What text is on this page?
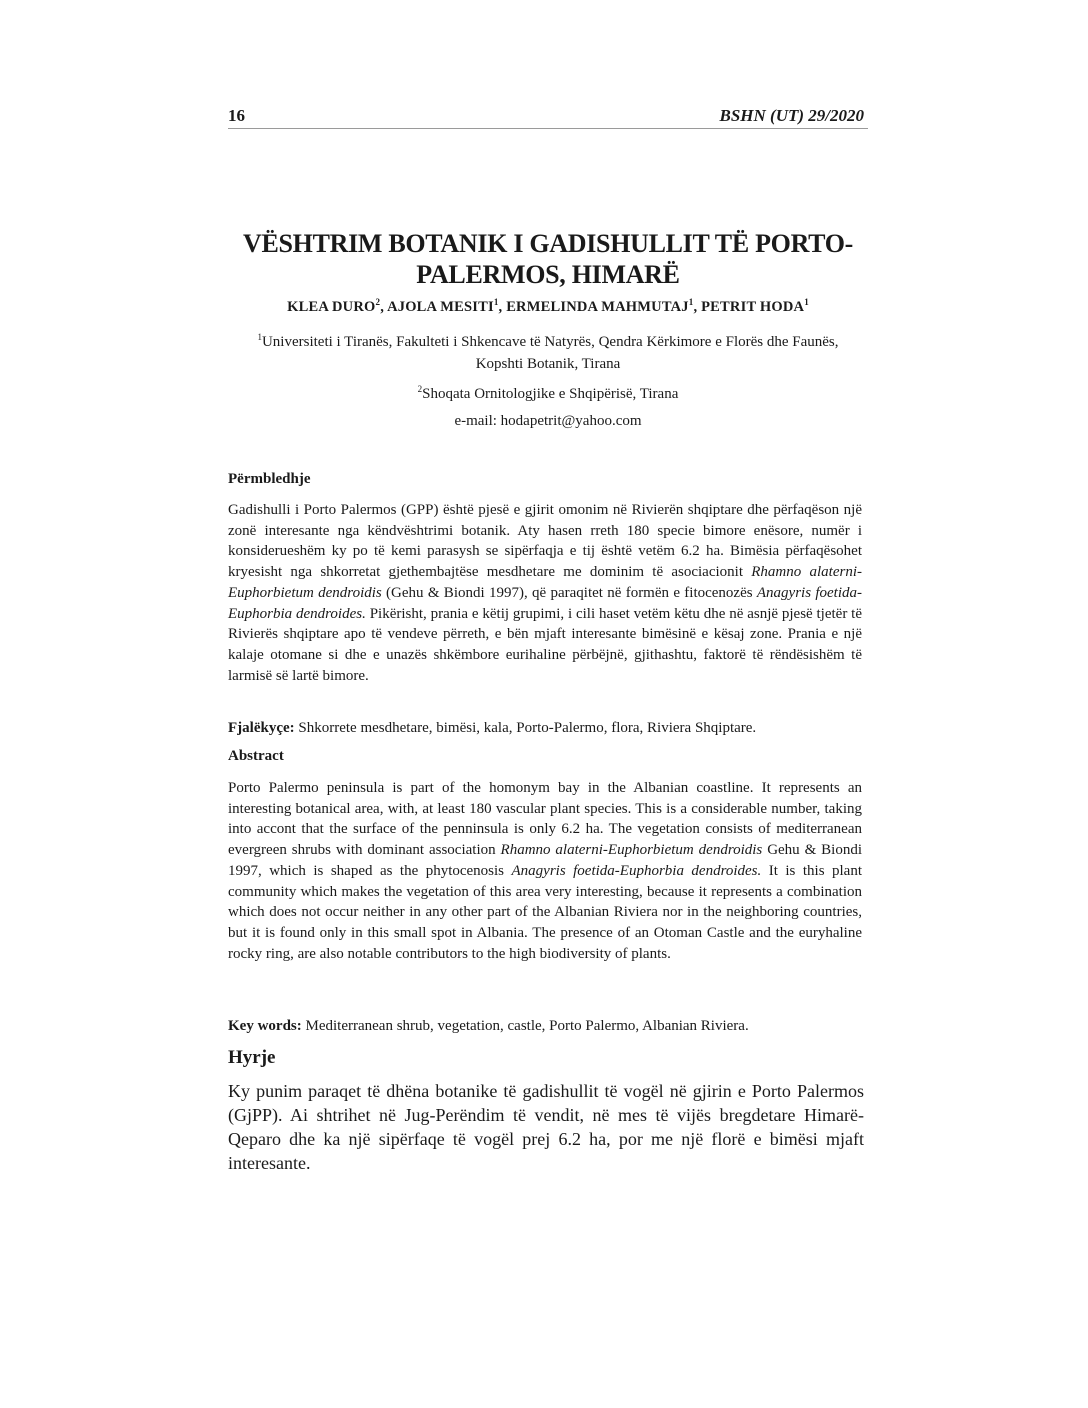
16	BSHN (UT) 29/2020
VËSHTRIM BOTANIK I GADISHULLIT TË PORTO-PALERMOS, HIMARË
KLEA DURO$^2$, AJOLA MESITI$^1$, ERMELINDA MAHMUTAJ$^1$, PETRIT HODA$^1$
$^1$Universiteti i Tiranës, Fakulteti i Shkencave të Natyrës, Qendra Kërkimore e Florës dhe Faunës, Kopshti Botanik, Tirana
$^2$Shoqata Ornitologjike e Shqipërisë, Tirana
e-mail: hodapetrit@yahoo.com
Përmbledhje

Gadishulli i Porto Palermos (GPP) është pjesë e gjirit omonim në Rivierën shqiptare dhe përfaqëson një zonë interesante nga këndvështrimi botanik. Aty hasen rreth 180 specie bimore enësore, numër i konsiderueshëm ky po të kemi parasysh se sipërfaqja e tij është vetëm 6.2 ha. Bimësia përfaqësohet kryesisht nga shkorretat gjethembajtëse mesdhetare me dominim të asociacionit Rhamno alaterni-Euphorbietum dendroidis (Gehu & Biondi 1997), që paraqitet në formën e fitocenozës Anagyris foetida-Euphorbia dendroides. Pikërisht, prania e këtij grupimi, i cili haset vetëm këtu dhe në asnjë pjesë tjetër të Rivierës shqiptare apo të vendeve përreth, e bën mjaft interesante bimësinë e kësaj zone. Prania e një kalaje otomane si dhe e unazës shkëmbore eurihaline përbëjnë, gjithashtu, faktorë të rëndësishëm të larmisë së lartë bimore.

Fjalëkyçe: Shkorrete mesdhetare, bimësi, kala, Porto-Palermo, flora, Riviera Shqiptare.

Abstract

Porto Palermo peninsula is part of the homonym bay in the Albanian coastline. It represents an interesting botanical area, with, at least 180 vascular plant species. This is a considerable number, taking into accont that the surface of the penninsula is only 6.2 ha. The vegetation consists of mediterranean evergreen shrubs with dominant association Rhamno alaterni-Euphorbietum dendroidis Gehu & Biondi 1997, which is shaped as the phytocenosis Anagyris foetida-Euphorbia dendroides. It is this plant community which makes the vegetation of this area very interesting, because it represents a combination which does not occur neither in any other part of the Albanian Riviera nor in the neighboring countries, but it is found only in this small spot in Albania. The presence of an Otoman Castle and the euryhaline rocky ring, are also notable contributors to the high biodiversity of plants.

Key words: Mediterranean shrub, vegetation, castle, Porto Palermo, Albanian Riviera.

Hyrje

Ky punim paraqet të dhëna botanike të gadishullit të vogël në gjirin e Porto Palermos (GjPP). Ai shtrihet në Jug-Perëndim të vendit, në mes të vijës bregdetare Himarë-Qeparo dhe ka një sipërfaqe të vogël prej 6.2 ha, por me një florë e bimësi mjaft interesante.
